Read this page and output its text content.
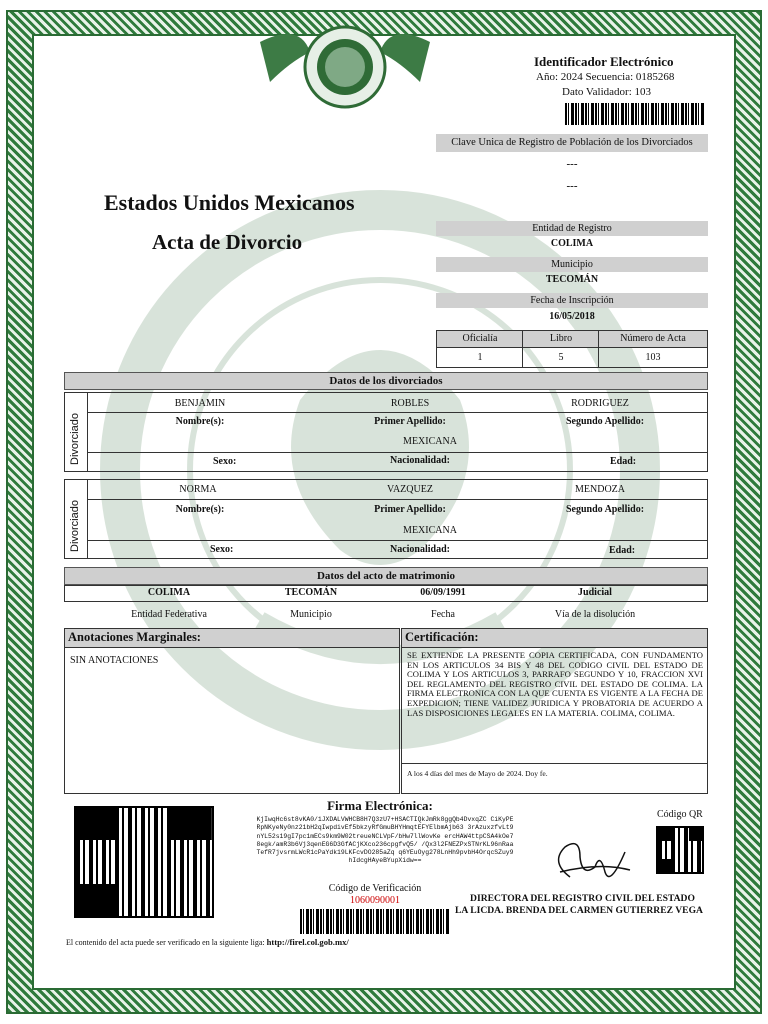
Identificador Electrónico
Año: 2024 Secuencia: 0185268
Dato Validador: 103
Clave Unica de Registro de Población de los Divorciados
---
---
Estados Unidos Mexicanos
Acta de Divorcio
Entidad de Registro
COLIMA
Municipio
TECOMÁN
Fecha de Inscripción
16/05/2018
Oficialía	Libro	Número de Acta
1	5	103
Datos de los divorciados
Divorciado
BENJAMIN	ROBLES	RODRIGUEZ
Nombre(s):	Primer Apellido:	Segundo Apellido:
MEXICANA
Sexo:	Nacionalidad:	Edad:
Divorciado
NORMA	VAZQUEZ	MENDOZA
Nombre(s):	Primer Apellido:	Segundo Apellido:
MEXICANA
Sexo:	Nacionalidad:	Edad:
Datos del acto de matrimonio
COLIMA	TECOMÁN	06/09/1991	Judicial
Entidad Federativa	Municipio	Fecha	Vía de la disolución
Anotaciones Marginales:
SIN ANOTACIONES
Certificación:
SE EXTIENDE LA PRESENTE COPIA CERTIFICADA, CON FUNDAMENTO EN LOS ARTICULOS 34 BIS Y 48 DEL CODIGO CIVIL DEL ESTADO DE COLIMA Y LOS ARTICULOS 3, PARRAFO SEGUNDO Y 10, FRACCION XVI DEL REGLAMENTO DEL REGISTRO CIVIL DEL ESTADO DE COLIMA. LA FIRMA ELECTRONICA CON LA QUE CUENTA ES VIGENTE A LA FECHA DE EXPEDICION; TIENE VALIDEZ JURIDICA Y PROBATORIA DE ACUERDO A LAS DISPOSICIONES LEGALES EN LA MATERIA. COLIMA, COLIMA.
A los 4 días del mes de Mayo de 2024. Doy fe.
Firma Electrónica:
KjIwqHc6st8vKA0/1JXDALVWHCB8H7Q3zU7+HSACTIQkJmRk8ggQb4DvxqZC CiKyPERpNKyeNy0nz21bH2qIwpdivEf5bkzyRfGmuBHYHmqtEFYElbmAjb63 3rAzuxzfvLt9nYL52s19gI7pc1mECs9km9W02treueNCLVpF/bHw7llWovKe ercHAW4ttpCSA4kOe78egk/amR3b6Vj3qenEG6D3GfACjKXco236cpgfvQ5/ /Qx3l2FNEZPxSTNrKL96nRaaTefR7jvsrmLWcR1cPaYdk19LKFcvDO285aZq q6YEuOyg278LnHh9pvbH4OrqcSZuy9hIdcgHAyeBYupXidw==
Código de Verificación
1060090001
Código QR
DIRECTORA DEL REGISTRO CIVIL DEL ESTADO
LA LICDA. BRENDA DEL CARMEN GUTIERREZ VEGA
El contenido del acta puede ser verificado en la siguiente liga: http://firel.col.gob.mx/
